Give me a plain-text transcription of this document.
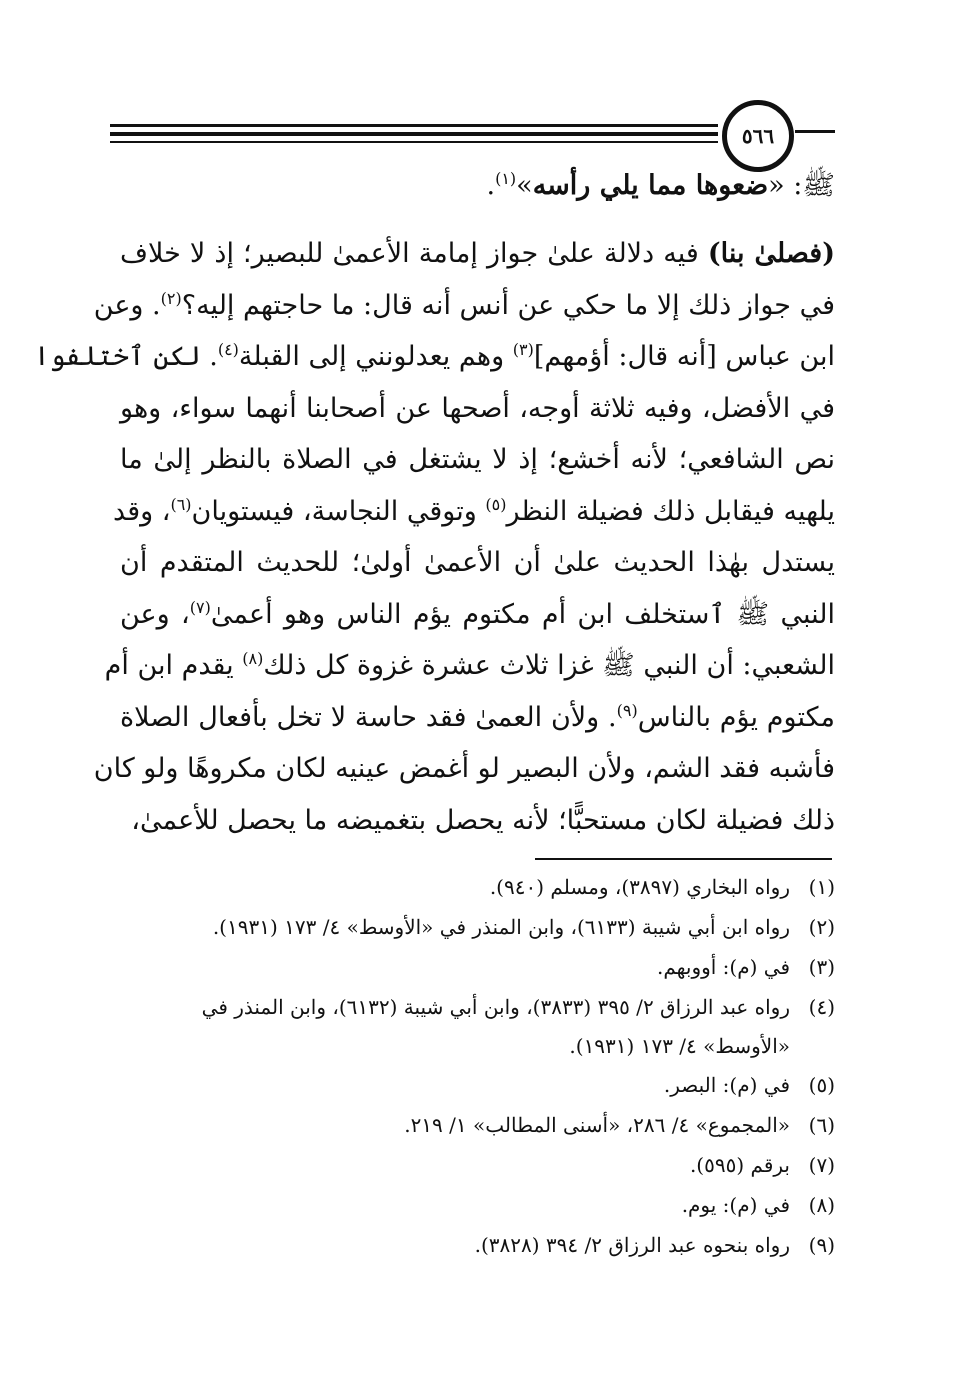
٥٦٦
ﷺ: «ضعوها مما يلي رأسه»$^{(١)}$.
(فصلیٰ بنا) فيه دلالة علیٰ جواز إمامة الأعمیٰ للبصير؛ إذ لا خلاف
في جواز ذلك إلا ما حكي عن أنس أنه قال: ما حاجتهم إليه؟$^{(٢)}$. وعن
ابن عباس [أنه قال: أؤمهم]$^{(٣)}$ وهم يعدلونني إلى القبلة$^{(٤)}$. لكن ٱختلفوا
في الأفضل، وفيه ثلاثة أوجه، أصحها عن أصحابنا أنهما سواء، وهو
نص الشافعي؛ لأنه أخشع؛ إذ لا يشتغل في الصلاة بالنظر إلیٰ ما
يلهيه فيقابل ذلك فضيلة النظر$^{(٥)}$ وتوقي النجاسة، فيستويان$^{(٦)}$، وقد
يستدل بهٰذا الحديث علیٰ أن الأعمیٰ أولیٰ؛ للحديث المتقدم أن
النبي ﷺ ٱستخلف ابن أم مكتوم يؤم الناس وهو أعمیٰ$^{(٧)}$، وعن
الشعبي: أن النبي ﷺ غزا ثلاث عشرة غزوة كل ذلك$^{(٨)}$ يقدم ابن أم
مكتوم يؤم بالناس$^{(٩)}$. ولأن العمیٰ فقد حاسة لا تخل بأفعال الصلاة
فأشبه فقد الشم، ولأن البصير لو أغمض عينيه لكان مكروهًا ولو كان
ذلك فضيلة لكان مستحبًّا؛ لأنه يحصل بتغميضه ما يحصل للأعمیٰ،
(١)
رواه البخاري (٣٨٩٧)، ومسلم (٩٤٠).
(٢)
رواه ابن أبي شيبة (٦١٣٣)، وابن المنذر في «الأوسط» ٤/ ١٧٣ (١٩٣١).
(٣)
في (م): أووبهم.
(٤)
رواه عبد الرزاق ٢/ ٣٩٥ (٣٨٣٣)، وابن أبي شيبة (٦١٣٢)، وابن المنذر في
«الأوسط» ٤/ ١٧٣ (١٩٣١).
(٥)
في (م): البصر.
(٦)
«المجموع» ٤/ ٢٨٦، «أسنى المطالب» ١/ ٢١٩.
(٧)
برقم (٥٩٥).
(٨)
في (م): يوم.
(٩)
رواه بنحوه عبد الرزاق ٢/ ٣٩٤ (٣٨٢٨).
